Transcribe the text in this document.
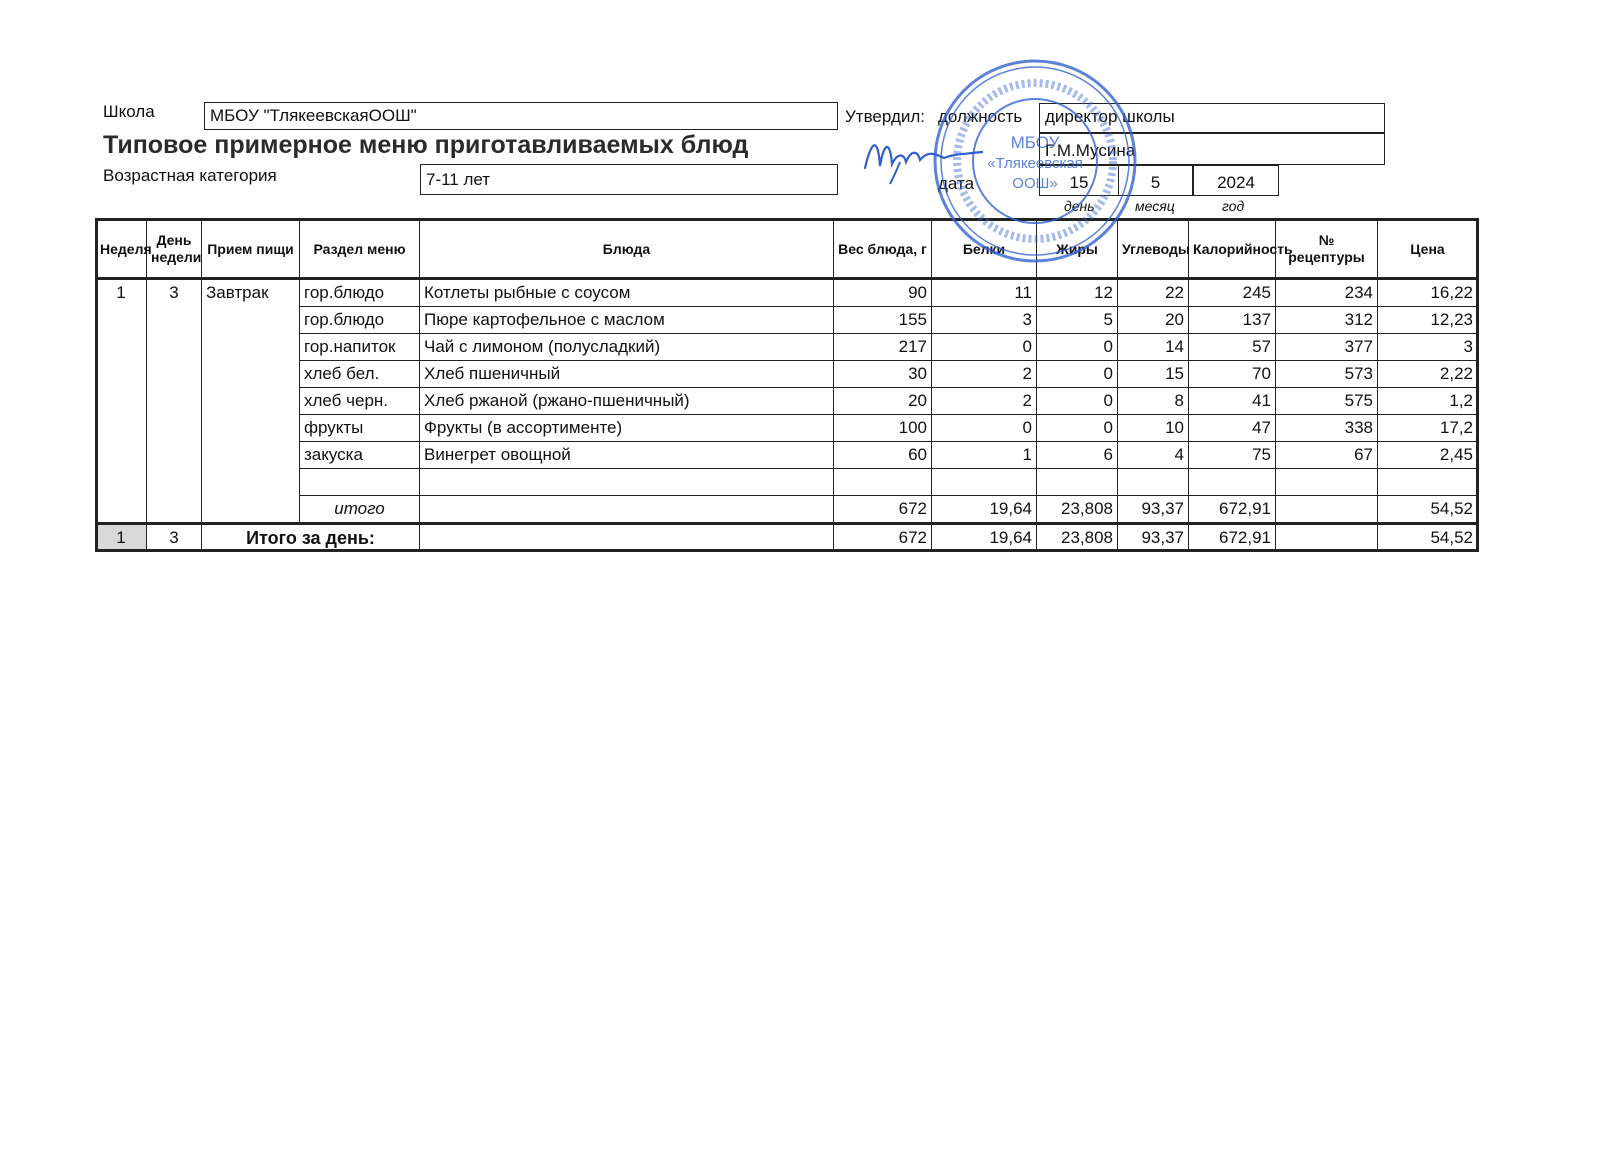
Школа	МБОУ "ТлякеевскаяООШ"
Типовое примерное меню приготавливаемых блюд
Возрастная категория	7-11 лет
Утвердил: должность	директор школы
Г.М.Мусина
дата	15	5	2024
день	месяц	год
Неделя	День недели	Прием пищи	Раздел меню	Блюда	Вес блюда, г	Белки	Жиры	Углеводы	Калорийность	№ рецептуры	Цена
1	3	Завтрак	гор.блюдо	Котлеты рыбные с соусом	90	11	12	22	245	234	16,22
			гор.блюдо	Пюре картофельное с маслом	155	3	5	20	137	312	12,23
			гор.напиток	Чай с лимоном (полусладкий)	217	0	0	14	57	377	3
			хлеб бел.	Хлеб пшеничный	30	2	0	15	70	573	2,22
			хлеб черн.	Хлеб ржаной (ржано-пшеничный)	20	2	0	8	41	575	1,2
			фрукты	Фрукты (в ассортименте)	100	0	0	10	47	338	17,2
			закуска	Винегрет овощной	60	1	6	4	75	67	2,45

			итого		672	19,64	23,808	93,37	672,91		54,52
1	3	Итого за день:			672	19,64	23,808	93,37	672,91		54,52
МБОУ
«Тлякеевская
ООШ»
